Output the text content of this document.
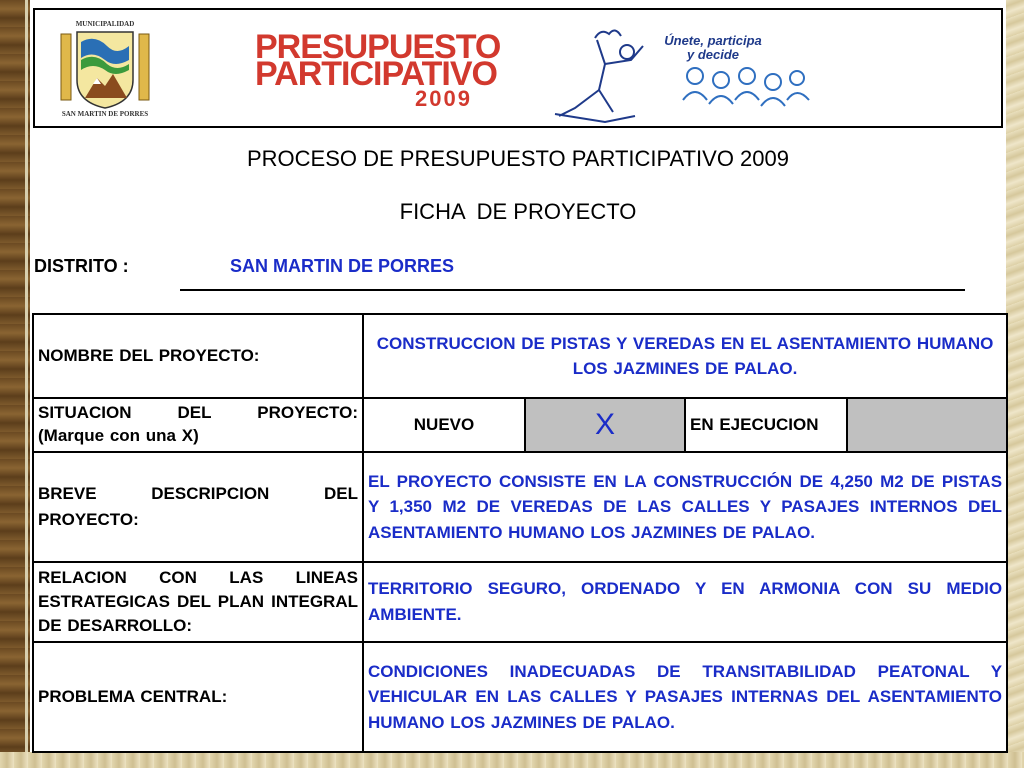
MUNICIPALIDAD
SAN MARTIN DE PORRES
PRESUPUESTO
PARTICIPATIVO
2009
Únete, participa
y decide
PROCESO DE PRESUPUESTO PARTICIPATIVO 2009
FICHA  DE PROYECTO
DISTRITO :	SAN MARTIN DE PORRES
NOMBRE DEL PROYECTO:	CONSTRUCCION DE PISTAS Y VEREDAS EN EL ASENTAMIENTO HUMANO LOS JAZMINES DE PALAO.			

SITUACION DEL PROYECTO:
(Marque con una X)	NUEVO	X	EN EJECUCION	
BREVE DESCRIPCION DEL PROYECTO:	EL PROYECTO CONSISTE EN LA CONSTRUCCIÓN DE 4,250 M2 DE PISTAS Y 1,350 M2 DE VEREDAS DE LAS CALLES Y PASAJES INTERNOS DEL ASENTAMIENTO HUMANO LOS JAZMINES DE PALAO.			
RELACION CON LAS LINEAS ESTRATEGICAS DEL PLAN INTEGRAL DE DESARROLLO:	TERRITORIO SEGURO, ORDENADO Y EN ARMONIA CON SU MEDIO AMBIENTE.			
PROBLEMA CENTRAL:	CONDICIONES INADECUADAS DE TRANSITABILIDAD PEATONAL Y VEHICULAR EN LAS CALLES Y PASAJES INTERNAS DEL ASENTAMIENTO HUMANO LOS JAZMINES DE PALAO.			
